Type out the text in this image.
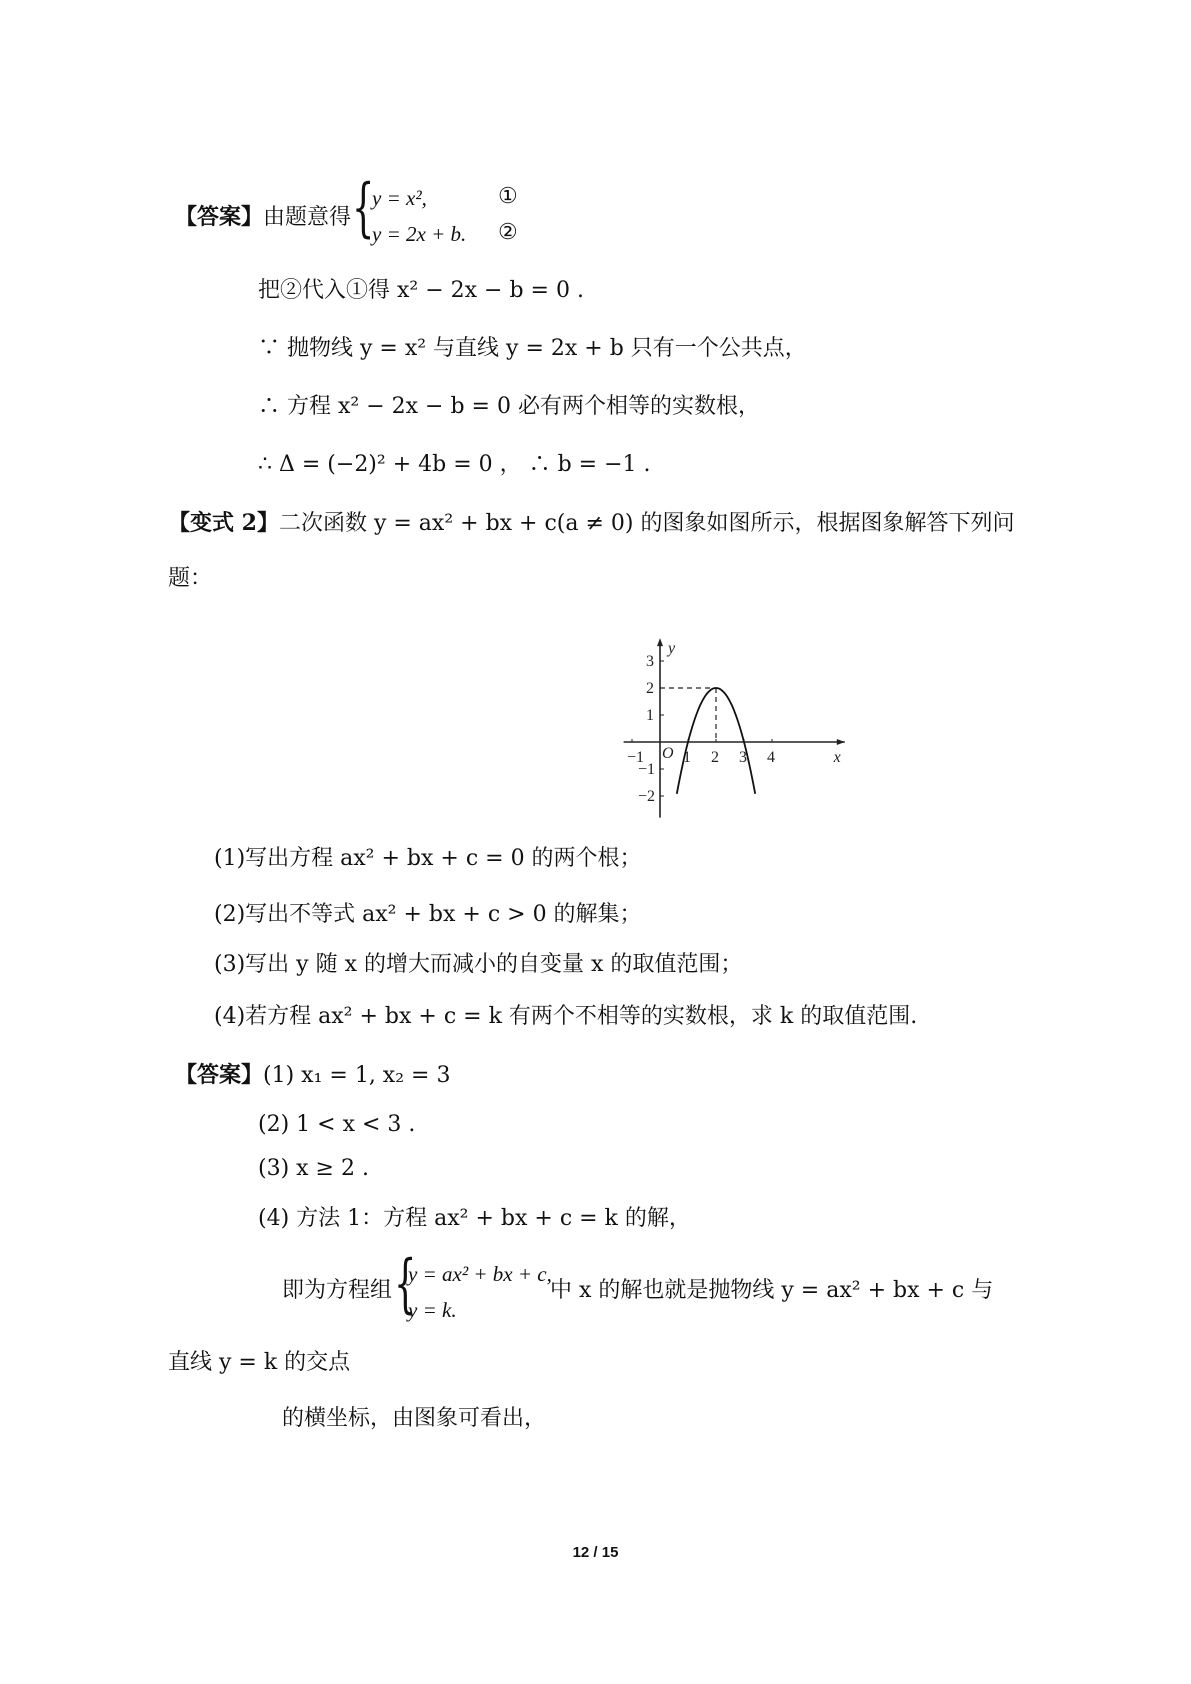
【答案】由题意得 {
y = x²,
y = 2x + b.
①
②
把②代入①得 x² − 2x − b = 0 .
∵ 抛物线 y = x² 与直线 y = 2x + b 只有一个公共点，
∴ 方程 x² − 2x − b = 0 必有两个相等的实数根，
∴ Δ = (−2)² + 4b = 0 ， ∴ b = −1 .
【变式 2】二次函数 y = ax² + bx + c(a ≠ 0) 的图象如图所示，根据图象解答下列问
题：
x
y
O
−1 1 2 3 4
3
2
1
−1
−2
(1)写出方程 ax² + bx + c = 0 的两个根；
(2)写出不等式 ax² + bx + c > 0 的解集；
(3)写出 y 随 x 的增大而减小的自变量 x 的取值范围；
(4)若方程 ax² + bx + c = k 有两个不相等的实数根，求 k 的取值范围.
【答案】(1) x₁ = 1, x₂ = 3
(2) 1 < x < 3 .
(3) x ≥ 2 .
(4) 方法 1：方程 ax² + bx + c = k 的解，
即为方程组 {
y = ax² + bx + c,
y = k.
中 x 的解也就是抛物线 y = ax² + bx + c 与
直线 y = k 的交点
的横坐标，由图象可看出，
12 / 15
